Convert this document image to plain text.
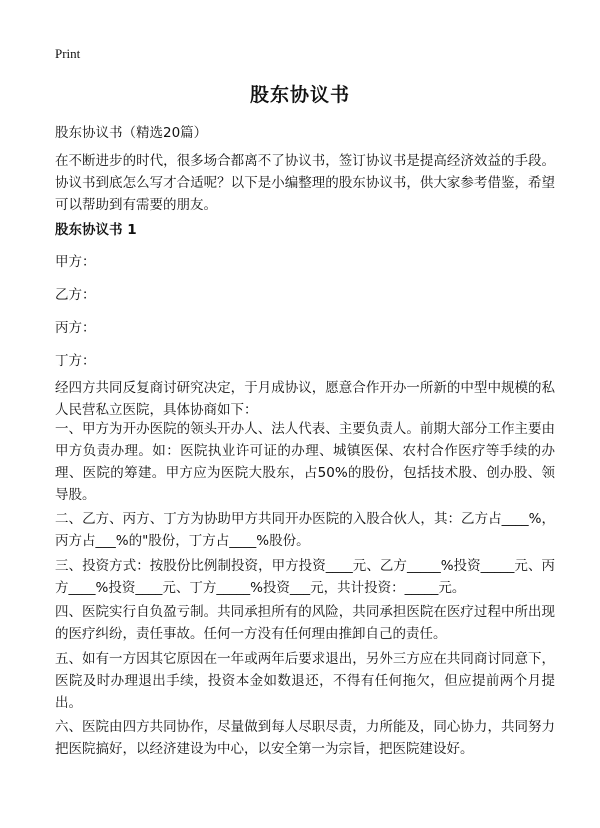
Print
股东协议书
股东协议书（精选20篇）
在不断进步的时代，很多场合都离不了协议书，签订协议书是提高经济效益的手段。协议书到底怎么写才合适呢？以下是小编整理的股东协议书，供大家参考借鉴，希望可以帮助到有需要的朋友。
股东协议书 1
甲方：
乙方：
丙方：
丁方：
经四方共同反复商讨研究决定，于月成协议，愿意合作开办一所新的中型中规模的私人民营私立医院，具体协商如下：
一、甲方为开办医院的领头开办人、法人代表、主要负责人。前期大部分工作主要由甲方负责办理。如：医院执业许可证的办理、城镇医保、农村合作医疗等手续的办理、医院的筹建。甲方应为医院大股东，占50%的股份，包括技术股、创办股、领导股。
二、乙方、丙方、丁方为协助甲方共同开办医院的入股合伙人，其：乙方占____%，丙方占___%的"股份，丁方占____%股份。
三、投资方式：按股份比例制投资，甲方投资____元、乙方_____%投资_____元、丙方____%投资____元、丁方_____%投资___元，共计投资：_____元。
四、医院实行自负盈亏制。共同承担所有的风险，共同承担医院在医疗过程中所出现的医疗纠纷，责任事故。任何一方没有任何理由推卸自己的责任。
五、如有一方因其它原因在一年或两年后要求退出，另外三方应在共同商讨同意下，医院及时办理退出手续，投资本金如数退还，不得有任何拖欠，但应提前两个月提出。
六、医院由四方共同协作，尽量做到每人尽职尽责，力所能及，同心协力，共同努力把医院搞好，以经济建设为中心，以安全第一为宗旨，把医院建设好。
